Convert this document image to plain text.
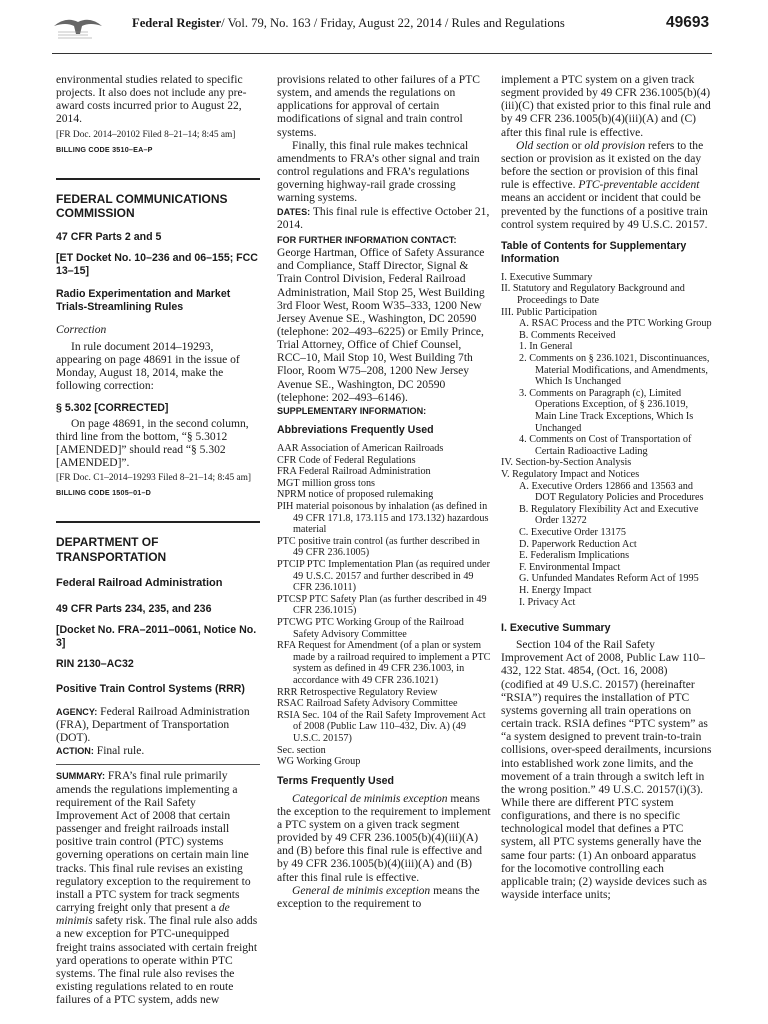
Federal Register/ Vol. 79, No. 163 / Friday, August 22, 2014 / Rules and Regulations	49693

environmental studies related to specific projects. It also does not include any pre-award costs incurred prior to August 22, 2014.

[FR Doc. 2014–20102 Filed 8–21–14; 8:45 am]

BILLING CODE 3510–EA–P

FEDERAL COMMUNICATIONS COMMISSION

47 CFR Parts 2 and 5

[ET Docket No. 10–236 and 06–155; FCC 13–15]

Radio Experimentation and Market Trials-Streamlining Rules

Correction

In rule document 2014–19293, appearing on page 48691 in the issue of Monday, August 18, 2014, make the following correction:

§ 5.302 [CORRECTED]

On page 48691, in the second column, third line from the bottom, “§ 5.3012 [AMENDED]” should read “§ 5.302 [AMENDED]”.

[FR Doc. C1–2014–19293 Filed 8–21–14; 8:45 am]

BILLING CODE 1505–01–D

DEPARTMENT OF TRANSPORTATION

Federal Railroad Administration

49 CFR Parts 234, 235, and 236

[Docket No. FRA–2011–0061, Notice No. 3]

RIN 2130–AC32

Positive Train Control Systems (RRR)

AGENCY: Federal Railroad Administration (FRA), Department of Transportation (DOT).

ACTION: Final rule.

SUMMARY: FRA’s final rule primarily amends the regulations implementing a requirement of the Rail Safety Improvement Act of 2008 that certain passenger and freight railroads install positive train control (PTC) systems governing operations on certain main line tracks. This final rule revises an existing regulatory exception to the requirement to install a PTC system for track segments carrying freight only that present a de minimis safety risk. The final rule also adds a new exception for PTC-unequipped freight trains associated with certain freight yard operations to operate within PTC systems. The final rule also revises the existing regulations related to en route failures of a PTC system, adds new

provisions related to other failures of a PTC system, and amends the regulations on applications for approval of certain modifications of signal and train control systems.

Finally, this final rule makes technical amendments to FRA’s other signal and train control regulations and FRA’s regulations governing highway-rail grade crossing warning systems.

DATES: This final rule is effective October 21, 2014.

FOR FURTHER INFORMATION CONTACT:

George Hartman, Office of Safety Assurance and Compliance, Staff Director, Signal & Train Control Division, Federal Railroad Administration, Mail Stop 25, West Building 3rd Floor West, Room W35–333, 1200 New Jersey Avenue SE., Washington, DC 20590 (telephone: 202–493–6225) or Emily Prince, Trial Attorney, Office of Chief Counsel, RCC–10, Mail Stop 10, West Building 7th Floor, Room W75–208, 1200 New Jersey Avenue SE., Washington, DC 20590 (telephone: 202–493–6146).

SUPPLEMENTARY INFORMATION:

Abbreviations Frequently Used

AAR Association of American Railroads

CFR Code of Federal Regulations

FRA Federal Railroad Administration

MGT million gross tons

NPRM notice of proposed rulemaking

PIH material poisonous by inhalation (as defined in 49 CFR 171.8, 173.115 and 173.132) hazardous material

PTC positive train control (as further described in 49 CFR 236.1005)

PTCIP PTC Implementation Plan (as required under 49 U.S.C. 20157 and further described in 49 CFR 236.1011)

PTCSP PTC Safety Plan (as further described in 49 CFR 236.1015)

PTCWG PTC Working Group of the Railroad Safety Advisory Committee

RFA Request for Amendment (of a plan or system made by a railroad required to implement a PTC system as defined in 49 CFR 236.1003, in accordance with 49 CFR 236.1021)

RRR Retrospective Regulatory Review

RSAC Railroad Safety Advisory Committee

RSIA Sec. 104 of the Rail Safety Improvement Act of 2008 (Public Law 110–432, Div. A) (49 U.S.C. 20157)

Sec. section

WG Working Group

Terms Frequently Used

Categorical de minimis exception means the exception to the requirement to implement a PTC system on a given track segment provided by 49 CFR 236.1005(b)(4)(iii)(A) and (B) before this final rule is effective and by 49 CFR 236.1005(b)(4)(iii)(A) and (B) after this final rule is effective.

General de minimis exception means the exception to the requirement to

implement a PTC system on a given track segment provided by 49 CFR 236.1005(b)(4)(iii)(C) that existed prior to this final rule and by 49 CFR 236.1005(b)(4)(iii)(A) and (C) after this final rule is effective.

Old section or old provision refers to the section or provision as it existed on the day before the section or provision of this final rule is effective. PTC-preventable accident means an accident or incident that could be prevented by the functions of a positive train control system required by 49 U.S.C. 20157.

Table of Contents for Supplementary Information

I. Executive Summary

II. Statutory and Regulatory Background and Proceedings to Date

III. Public Participation

A. RSAC Process and the PTC Working Group

B. Comments Received

1. In General

2. Comments on § 236.1021, Discontinuances, Material Modifications, and Amendments, Which Is Unchanged

3. Comments on Paragraph (c), Limited Operations Exception, of § 236.1019, Main Line Track Exceptions, Which Is Unchanged

4. Comments on Cost of Transportation of Certain Radioactive Lading

IV. Section-by-Section Analysis

V. Regulatory Impact and Notices

A. Executive Orders 12866 and 13563 and DOT Regulatory Policies and Procedures

B. Regulatory Flexibility Act and Executive Order 13272

C. Executive Order 13175

D. Paperwork Reduction Act

E. Federalism Implications

F. Environmental Impact

G. Unfunded Mandates Reform Act of 1995

H. Energy Impact

I. Privacy Act

I. Executive Summary

Section 104 of the Rail Safety Improvement Act of 2008, Public Law 110–432, 122 Stat. 4854, (Oct. 16, 2008) (codified at 49 U.S.C. 20157) (hereinafter “RSIA”) requires the installation of PTC systems governing all train operations on certain track. RSIA defines “PTC system” as “a system designed to prevent train-to-train collisions, over-speed derailments, incursions into established work zone limits, and the movement of a train through a switch left in the wrong position.” 49 U.S.C. 20157(i)(3). While there are different PTC system configurations, and there is no specific technological model that defines a PTC system, all PTC systems generally have the same four parts: (1) An onboard apparatus for the locomotive controlling each applicable train; (2) wayside devices such as wayside interface units;
